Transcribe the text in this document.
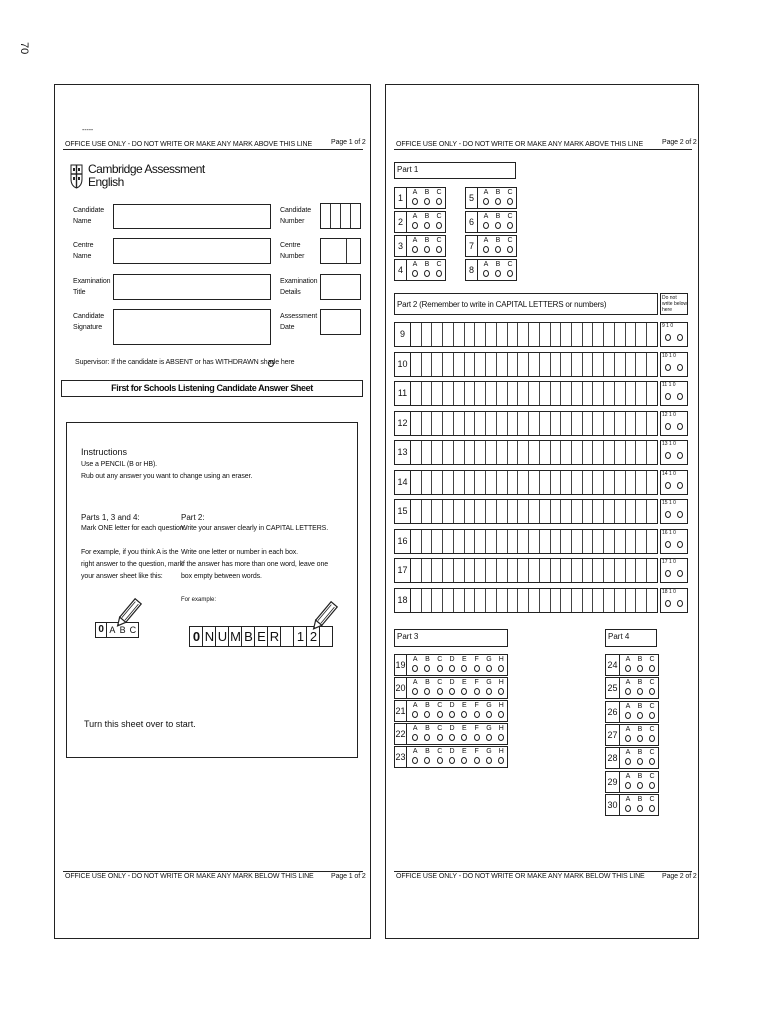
70
-----
OFFICE USE ONLY - DO NOT WRITE OR MAKE ANY MARK ABOVE THIS LINE	Page 1 of 2
Cambridge Assessment
English
Candidate
Name
Centre
Name
Examination
Title
Candidate
Signature
Candidate
Number
Centre
Number
Examination
Details
Assessment
Date
Supervisor: If the candidate is ABSENT or has WITHDRAWN shade here
First for Schools Listening Candidate Answer Sheet
Instructions
Use a PENCIL (B or HB).
Rub out any answer you want to change using an eraser.
Parts 1, 3 and 4:
Mark ONE letter for each question.
For example, if you think A is the
right answer to the question, mark
your answer sheet like this:
Part 2:
Write your answer clearly in CAPITAL LETTERS.
Write one letter or number in each box.
If the answer has more than one word, leave one
box empty between words.
For example:
0 A B C	0 N U M B E R 1 2
Turn this sheet over to start.
OFFICE USE ONLY - DO NOT WRITE OR MAKE ANY MARK BELOW THIS LINE Page 1 of 2
OFFICE USE ONLY - DO NOT WRITE OR MAKE ANY MARK ABOVE THIS LINE	Page 2 of 2
Part 1
1
A B C
2
A B C
3
A B C
4
A B C
5
A B C
6
A B C
7
A B C
8
A B C
Part 2 (Remember to write in CAPITAL LETTERS or numbers)
Do not write below here
9
9 1 0
10
10 1 0
11
11 1 0
12
12 1 0
13
13 1 0
14
14 1 0
15
15 1 0
16
16 1 0
17
17 1 0
18
18 1 0
Part 3
19
A B C D E F G H
20
A B C D E F G H
21
A B C D E F G H
22
A B C D E F G H
23
A B C D E F G H
Part 4
24
A B C
25
A B C
26
A B C
27
A B C
28
A B C
29
A B C
30
A B C
OFFICE USE ONLY - DO NOT WRITE OR MAKE ANY MARK BELOW THIS LINE Page 2 of 2
